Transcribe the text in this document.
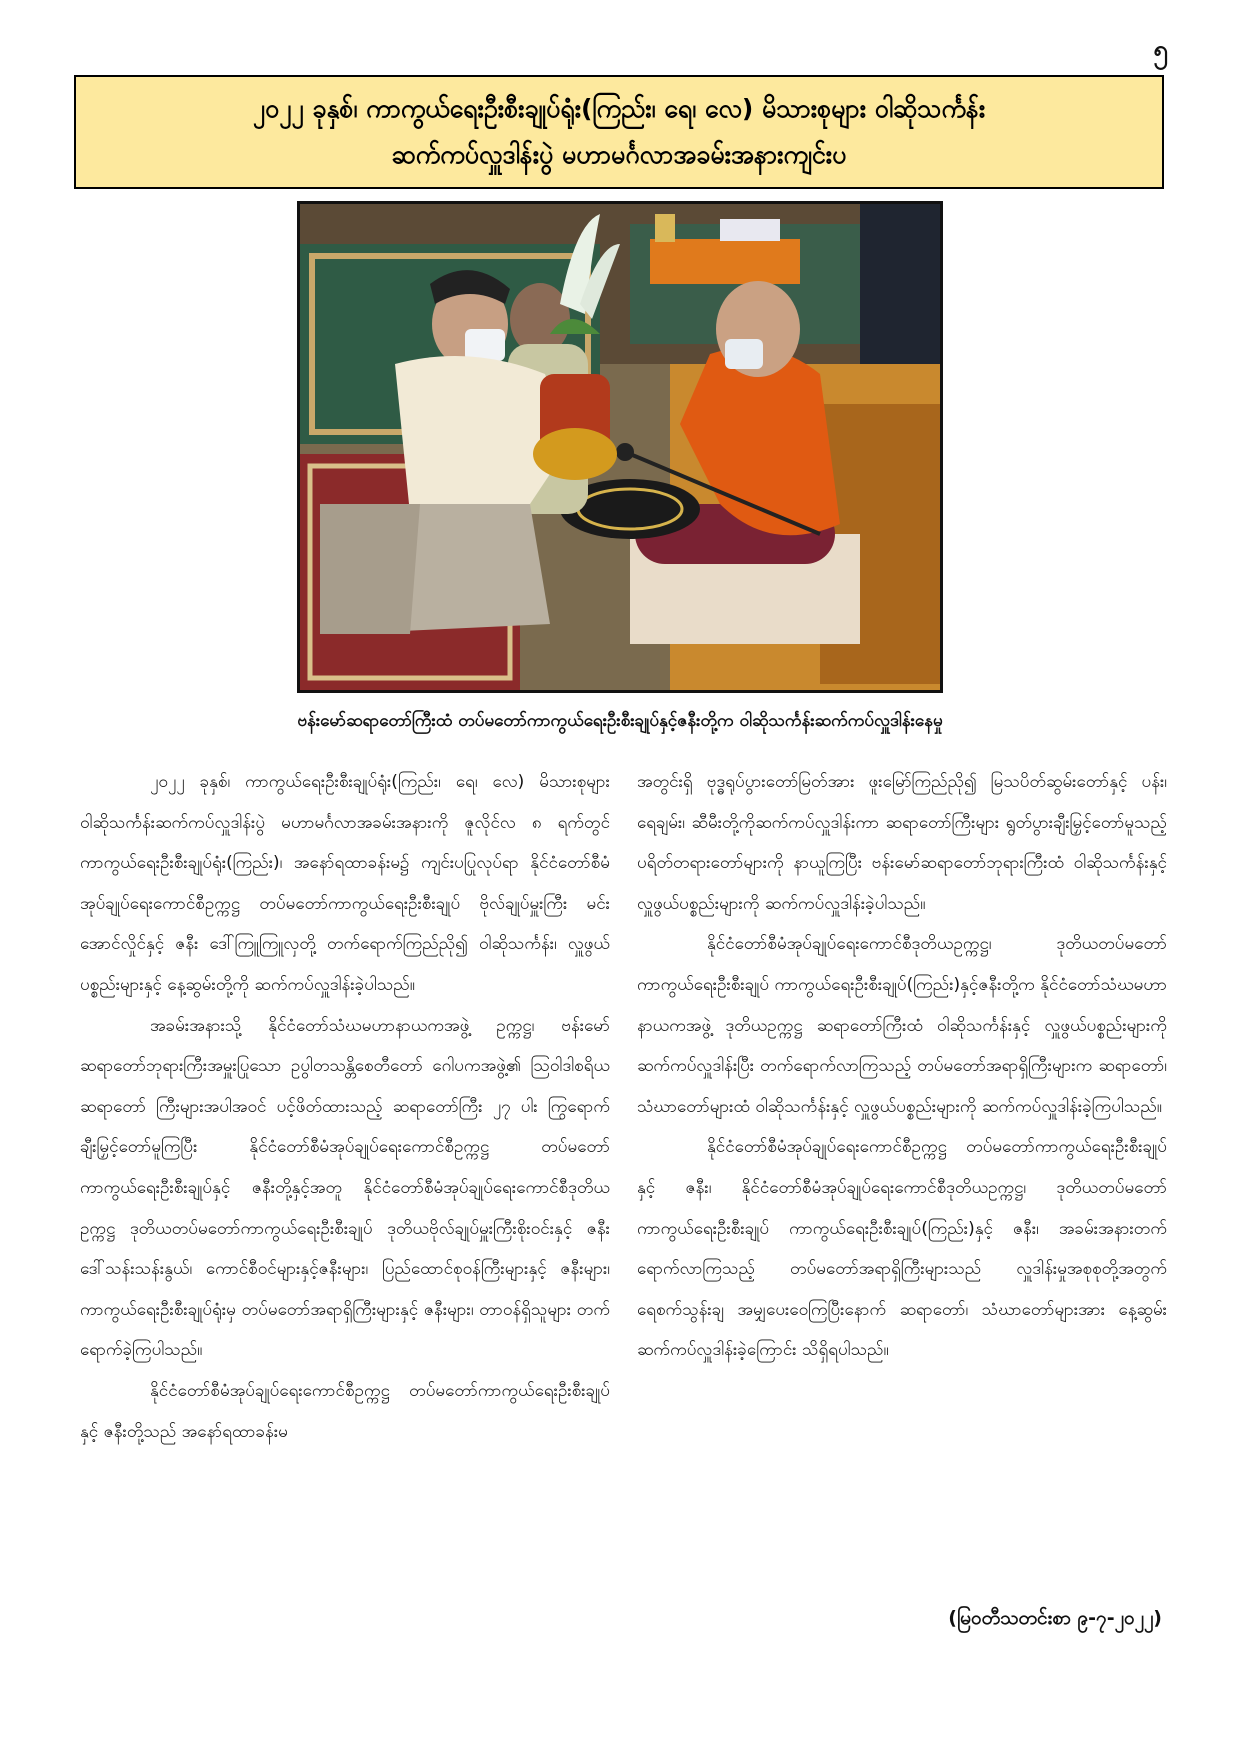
၅
၂၀၂၂ ခုနှစ်၊ ကာကွယ်ရေးဦးစီးချုပ်ရုံး(ကြည်း၊ ရေ၊ လေ) မိသားစုများ ဝါဆိုသင်္ကန်း
ဆက်ကပ်လှူဒါန်းပွဲ မဟာမင်္ဂလာအခမ်းအနားကျင်းပ
ဗန်းမော်ဆရာတော်ကြီးထံ တပ်မတော်ကာကွယ်ရေးဦးစီးချုပ်နှင့်ဇနီးတို့က ဝါဆိုသင်္ကန်းဆက်ကပ်လှူဒါန်းနေမှု

၂၀၂၂ ခုနှစ်၊ ကာကွယ်ရေးဦးစီးချုပ်ရုံး(ကြည်း၊ ရေ၊ လေ) မိသားစုများ ဝါဆိုသင်္ကန်းဆက်ကပ်လှူဒါန်းပွဲ မဟာမင်္ဂလာအခမ်းအနားကို ဇူလိုင်လ ၈ ရက်တွင် ကာကွယ်ရေးဦးစီးချုပ်ရုံး(ကြည်း)၊ အနော်ရထာခန်းမ၌ ကျင်းပပြုလုပ်ရာ နိုင်ငံတော်စီမံအုပ်ချုပ်ရေးကောင်စီဥက္ကဋ္ဌ တပ်မတော်ကာကွယ်ရေးဦးစီးချုပ် ဗိုလ်ချုပ်မှူးကြီး မင်းအောင်လှိုင်နှင့် ဇနီး ဒေါ်ကြူကြူလှတို့ တက်ရောက်ကြည်ညို၍ ဝါဆိုသင်္ကန်း၊ လှူဖွယ်ပစ္စည်းများနှင့် နေ့ဆွမ်းတို့ကို ဆက်ကပ်လှူဒါန်းခဲ့ပါသည်။

အခမ်းအနားသို့ နိုင်ငံတော်သံဃမဟာနာယကအဖွဲ့ ဥက္ကဋ္ဌ၊ ဗန်းမော်ဆရာတော်ဘုရားကြီးအမှူးပြုသော ဥပွါတသန္တိစေတီတော် ဂေါပကအဖွဲ့၏ သြဝါဒါစရိယဆရာတော် ကြီးများအပါအဝင် ပင့်ဖိတ်ထားသည့် ဆရာတော်ကြီး ၂၇ ပါး ကြွရောက်ချီးမြှင့်တော်မူကြပြီး နိုင်ငံတော်စီမံအုပ်ချုပ်ရေးကောင်စီဥက္ကဋ္ဌ တပ်မတော်ကာကွယ်ရေးဦးစီးချုပ်နှင့် ဇနီးတို့နှင့်အတူ နိုင်ငံတော်စီမံအုပ်ချုပ်ရေးကောင်စီဒုတိယဥက္ကဋ္ဌ ဒုတိယတပ်မတော်ကာကွယ်ရေးဦးစီးချုပ် ဒုတိယဗိုလ်ချုပ်မှူးကြီးစိုးဝင်းနှင့် ဇနီး ဒေါ်သန်းသန်းနွယ်၊ ကောင်စီဝင်များနှင့်ဇနီးများ၊ ပြည်ထောင်စုဝန်ကြီးများနှင့် ဇနီးများ၊ ကာကွယ်ရေးဦးစီးချုပ်ရုံးမှ တပ်မတော်အရာရှိကြီးများနှင့် ဇနီးများ၊ တာဝန်ရှိသူများ တက်ရောက်ခဲ့ကြပါသည်။

နိုင်ငံတော်စီမံအုပ်ချုပ်ရေးကောင်စီဥက္ကဋ္ဌ တပ်မတော်ကာကွယ်ရေးဦးစီးချုပ်နှင့် ဇနီးတို့သည် အနော်ရထာခန်းမ

အတွင်းရှိ ဗုဒ္ဓရုပ်ပွားတော်မြတ်အား ဖူးမြော်ကြည်ညို၍ မြသပိတ်ဆွမ်းတော်နှင့် ပန်း၊ ရေချမ်း၊ ဆီမီးတို့ကိုဆက်ကပ်လှူဒါန်းကာ ဆရာတော်ကြီးများ ရွတ်ပွားချီးမြှင့်တော်မူသည့် ပရိတ်တရားတော်များကို နာယူကြပြီး ဗန်းမော်ဆရာတော်ဘုရားကြီးထံ ဝါဆိုသင်္ကန်းနှင့် လှူဖွယ်ပစ္စည်းများကို ဆက်ကပ်လှူဒါန်းခဲ့ပါသည်။

နိုင်ငံတော်စီမံအုပ်ချုပ်ရေးကောင်စီဒုတိယဥက္ကဋ္ဌ၊ ဒုတိယတပ်မတော်ကာကွယ်ရေးဦးစီးချုပ် ကာကွယ်ရေးဦးစီးချုပ်(ကြည်း)နှင့်ဇနီးတို့က နိုင်ငံတော်သံဃမဟာနာယကအဖွဲ့ ဒုတိယဥက္ကဋ္ဌ ဆရာတော်ကြီးထံ ဝါဆိုသင်္ကန်းနှင့် လှူဖွယ်ပစ္စည်းများကို ဆက်ကပ်လှူဒါန်းပြီး တက်ရောက်လာကြသည့် တပ်မတော်အရာရှိကြီးများက ဆရာတော်၊ သံဃာတော်များထံ ဝါဆိုသင်္ကန်းနှင့် လှူဖွယ်ပစ္စည်းများကို ဆက်ကပ်လှူဒါန်းခဲ့ကြပါသည်။

နိုင်ငံတော်စီမံအုပ်ချုပ်ရေးကောင်စီဥက္ကဋ္ဌ တပ်မတော်ကာကွယ်ရေးဦးစီးချုပ်နှင့် ဇနီး၊ နိုင်ငံတော်စီမံအုပ်ချုပ်ရေးကောင်စီဒုတိယဥက္ကဋ္ဌ၊ ဒုတိယတပ်မတော်ကာကွယ်ရေးဦးစီးချုပ် ကာကွယ်ရေးဦးစီးချုပ်(ကြည်း)နှင့် ဇနီး၊ အခမ်းအနားတက်ရောက်လာကြသည့် တပ်မတော်အရာရှိကြီးများသည် လှူဒါန်းမှုအစုစုတို့အတွက် ရေစက်သွန်းချ အမျှပေးဝေကြပြီးနောက် ဆရာတော်၊ သံဃာတော်များအား နေ့ဆွမ်းဆက်ကပ်လှူဒါန်းခဲ့ကြောင်း သိရှိရပါသည်။

(မြဝတီသတင်းစာ ၉-၇-၂၀၂၂)
